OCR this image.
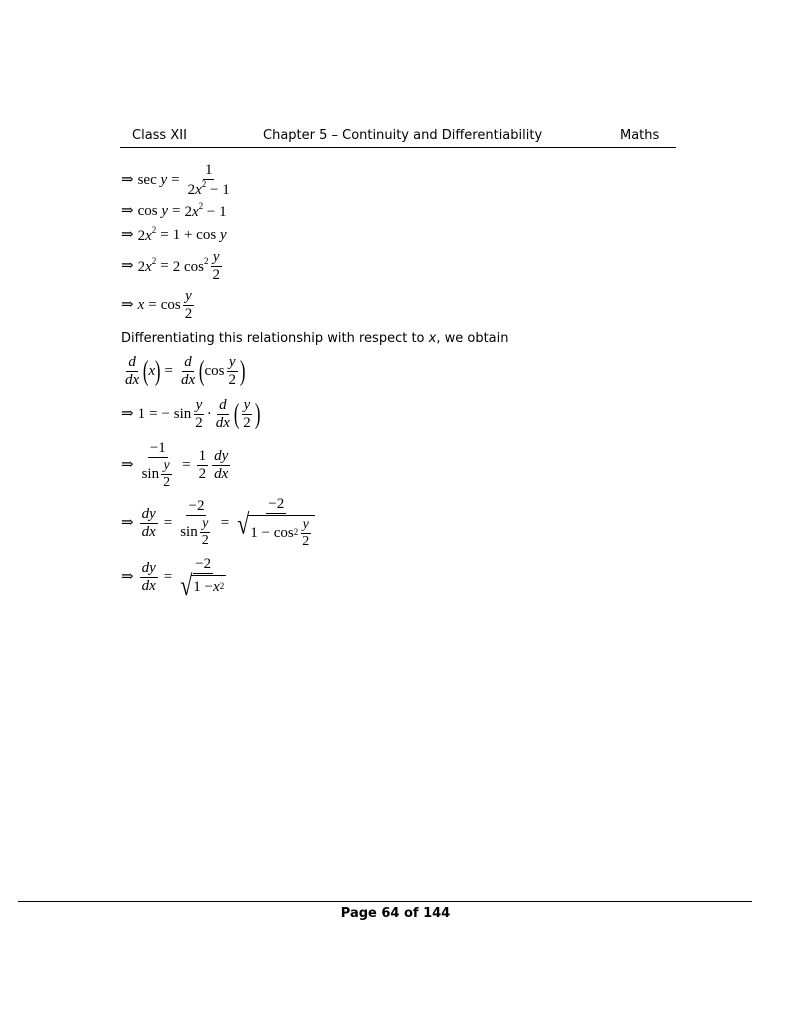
Class XII	Chapter 5 – Continuity and Differentiability	Maths
⇒ $\sec y = \frac{1}{2x^2 - 1}$
⇒ $\cos y = 2x^2 - 1$
⇒ $2x^2 = 1 + \cos y$
⇒ $2x^2 = 2$ $\cos^2 \frac{y}{2}$
⇒ $x = \cos \frac{y}{2}$
Differentiating this relationship with respect to x, we obtain
$\frac{d}{dx}$ ( x ) = $\frac{d}{dx}$ ( $\cos \frac{y}{2}$ )
⇒ 1 = − $\sin \frac{y}{2} \cdot \frac{d}{dx}$ ( $\frac{y}{2}$ )
⇒ $\frac{-1}{\sin \frac{y}{2}} = \frac{1}{2} \frac{dy}{dx}$
⇒ $\frac{dy}{dx} = \frac{-2}{\sin \frac{y}{2}} = \frac{-2}{√ 1 - \cos^2 \frac{y}{2}}$
⇒ $\frac{dy}{dx} = \frac{-2}{√ 1 - x^2}$
Page 64 of 144
